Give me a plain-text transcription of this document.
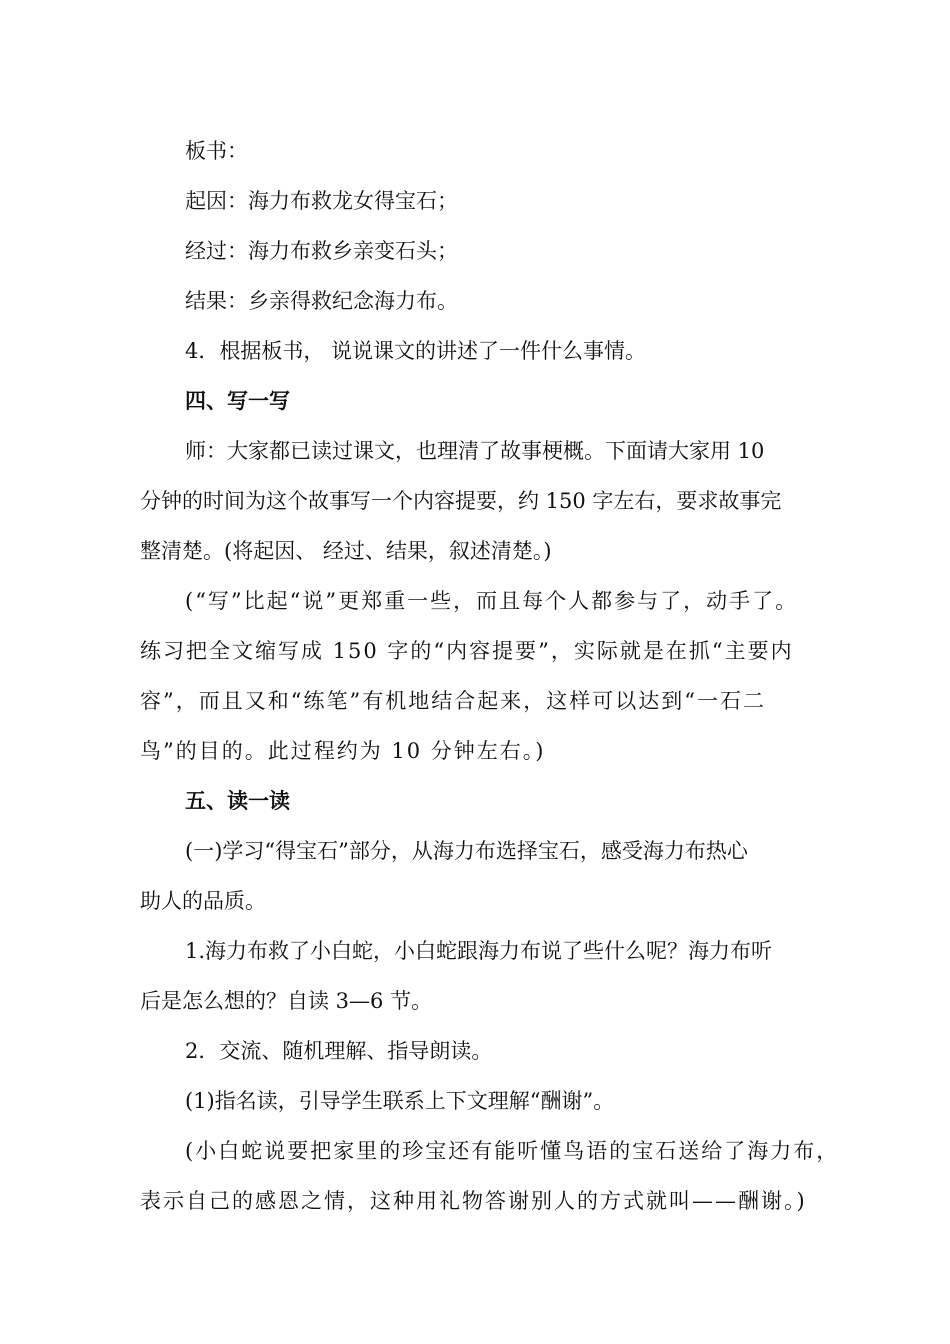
板书：
起因：海力布救龙女得宝石；
经过：海力布救乡亲变石头；
结果：乡亲得救纪念海力布。
4．根据板书， 说说课文的讲述了一件什么事情。
四、写一写
师：大家都已读过课文，也理清了故事梗概。下面请大家用 10
分钟的时间为这个故事写一个内容提要，约 150 字左右，要求故事完
整清楚。(将起因、 经过、结果，叙述清楚。)
(“写”比起“说”更郑重一些，而且每个人都参与了，动手了。
练习把全文缩写成 150 字的“内容提要”，实际就是在抓“主要内
容”，而且又和“练笔”有机地结合起来，这样可以达到“一石二
鸟”的目的。此过程约为 10 分钟左右。)
五、读一读
(一)学习“得宝石”部分，从海力布选择宝石，感受海力布热心
助人的品质。
1.海力布救了小白蛇，小白蛇跟海力布说了些什么呢？海力布听
后是怎么想的？自读 3—6 节。
2．交流、随机理解、指导朗读。
(1)指名读，引导学生联系上下文理解“酬谢”。
(小白蛇说要把家里的珍宝还有能听懂鸟语的宝石送给了海力布，
表示自己的感恩之情，这种用礼物答谢别人的方式就叫——酬谢。)
